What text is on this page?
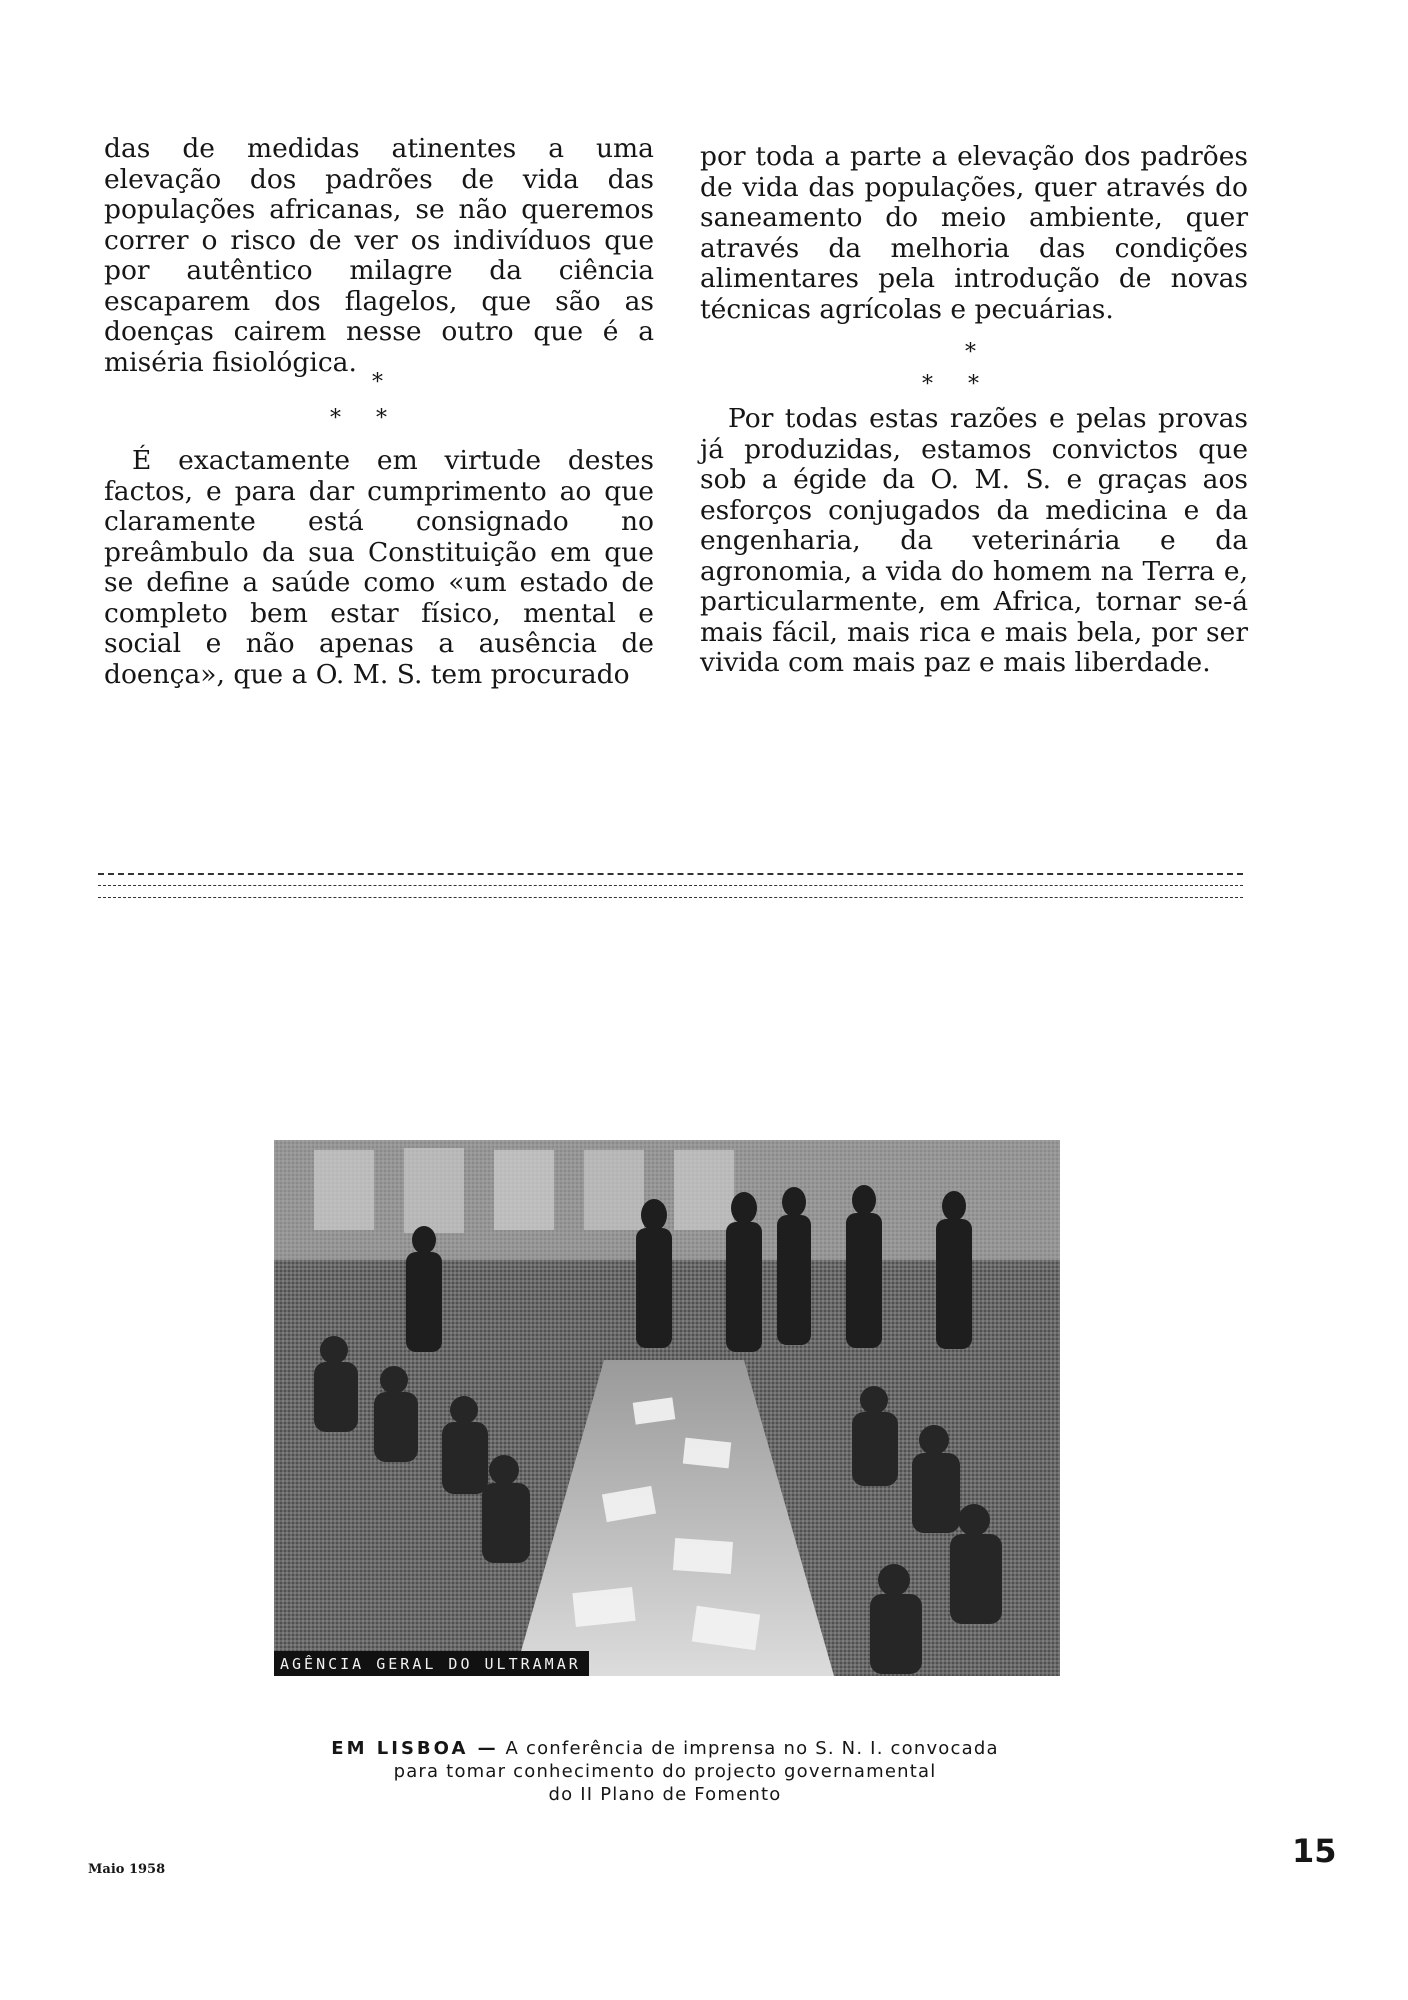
das de medidas atinentes a uma elevação dos padrões de vida das populações africanas, se não queremos correr o risco de ver os indivíduos que por autêntico milagre da ciência escaparem dos flagelos, que são as doenças cairem nesse outro que é a miséria fisiológica.

*
*     *

É exactamente em virtude destes factos, e para dar cumprimento ao que claramente está consignado no preâmbulo da sua Constituição em que se define a saúde como «um estado de completo bem estar físico, mental e social e não apenas a ausência de doença», que a O. M. S. tem procurado

por toda a parte a elevação dos padrões de vida das populações, quer através do saneamento do meio ambiente, quer através da melhoria das condições alimentares pela introdução de novas técnicas agrícolas e pecuárias.

*
*     *

Por todas estas razões e pelas provas já produzidas, estamos convictos que sob a égide da O. M. S. e graças aos esforços conjugados da medicina e da engenharia, da veterinária e da agronomia, a vida do homem na Terra e, particularmente, em Africa, tornar se-á mais fácil, mais rica e mais bela, por ser vivida com mais paz e mais liberdade.

AGÊNCIA GERAL DO ULTRAMAR
EM LISBOA — A conferência de imprensa no S. N. I. convocada
para tomar conhecimento do projecto governamental
do II Plano de Fomento
Maio 1958	15
